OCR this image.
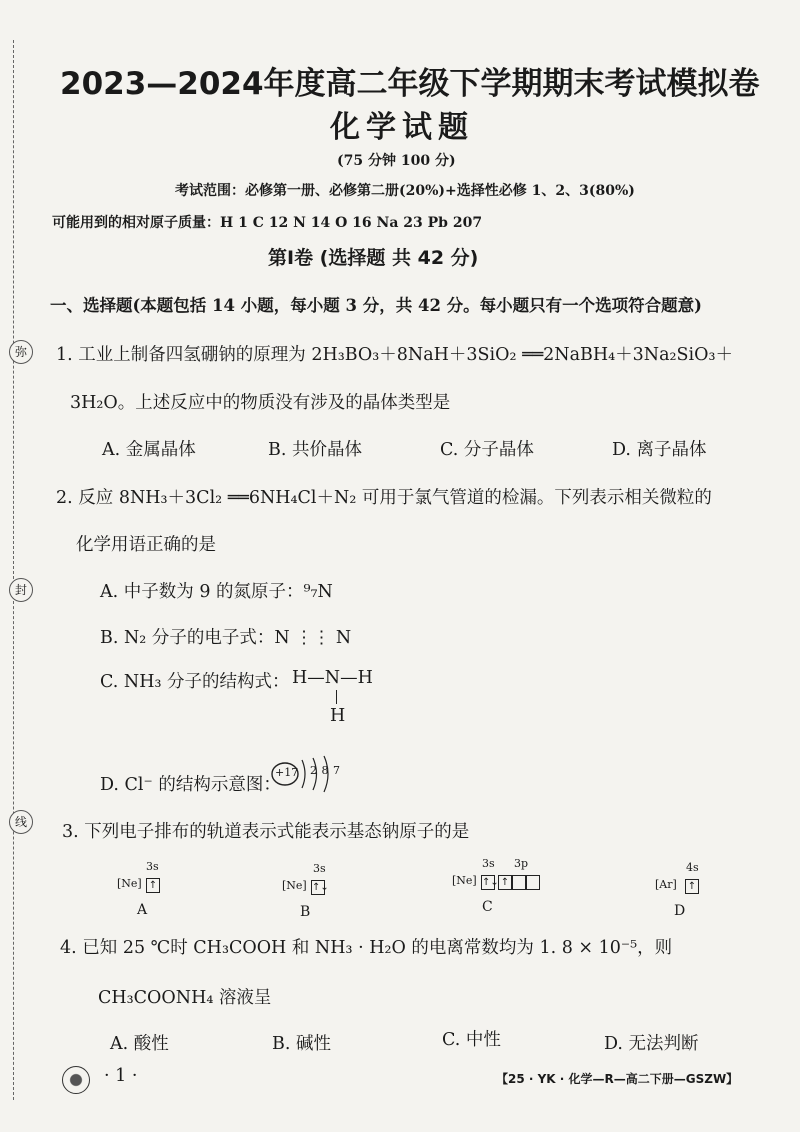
弥
封
线
2023—2024年度高二年级下学期期末考试模拟卷
化学试题
(75 分钟 100 分)
考试范围：必修第一册、必修第二册(20%)+选择性必修 1、2、3(80%)
可能用到的相对原子质量：H 1 C 12 N 14 O 16 Na 23 Pb 207
第Ⅰ卷 (选择题 共 42 分)
一、选择题(本题包括 14 小题，每小题 3 分，共 42 分。每小题只有一个选项符合题意)
1. 工业上制备四氢硼钠的原理为 2H₃BO₃＋8NaH＋3SiO₂ ══2NaBH₄＋3Na₂SiO₃＋
3H₂O。上述反应中的物质没有涉及的晶体类型是
A. 金属晶体	B. 共价晶体	C. 分子晶体	D. 离子晶体
2. 反应 8NH₃＋3Cl₂ ══6NH₄Cl＋N₂ 可用于氯气管道的检漏。下列表示相关微粒的
化学用语正确的是
A. 中子数为 9 的氮原子：⁹₇N
B. N₂ 分子的电子式：N ⋮⋮ N
C. NH₃ 分子的结构式： H—N—H
H
D. Cl⁻ 的结构示意图：
+17 2 8 7
3. 下列电子排布的轨道表示式能表示基态钠原子的是
3s
[Ne] ↑
A
3s
[Ne] ↑↓
B
3s 3p
[Ne] ↑↓ ↑
C
4s
[Ar] ↑
D
4. 已知 25 ℃时 CH₃COOH 和 NH₃ · H₂O 的电离常数均为 1. 8 × 10⁻⁵，则
CH₃COONH₄ 溶液呈
A. 酸性	B. 碱性	C. 中性	D. 无法判断
· 1 ·	【25 · YK · 化学—R—高二下册—GSZW】
